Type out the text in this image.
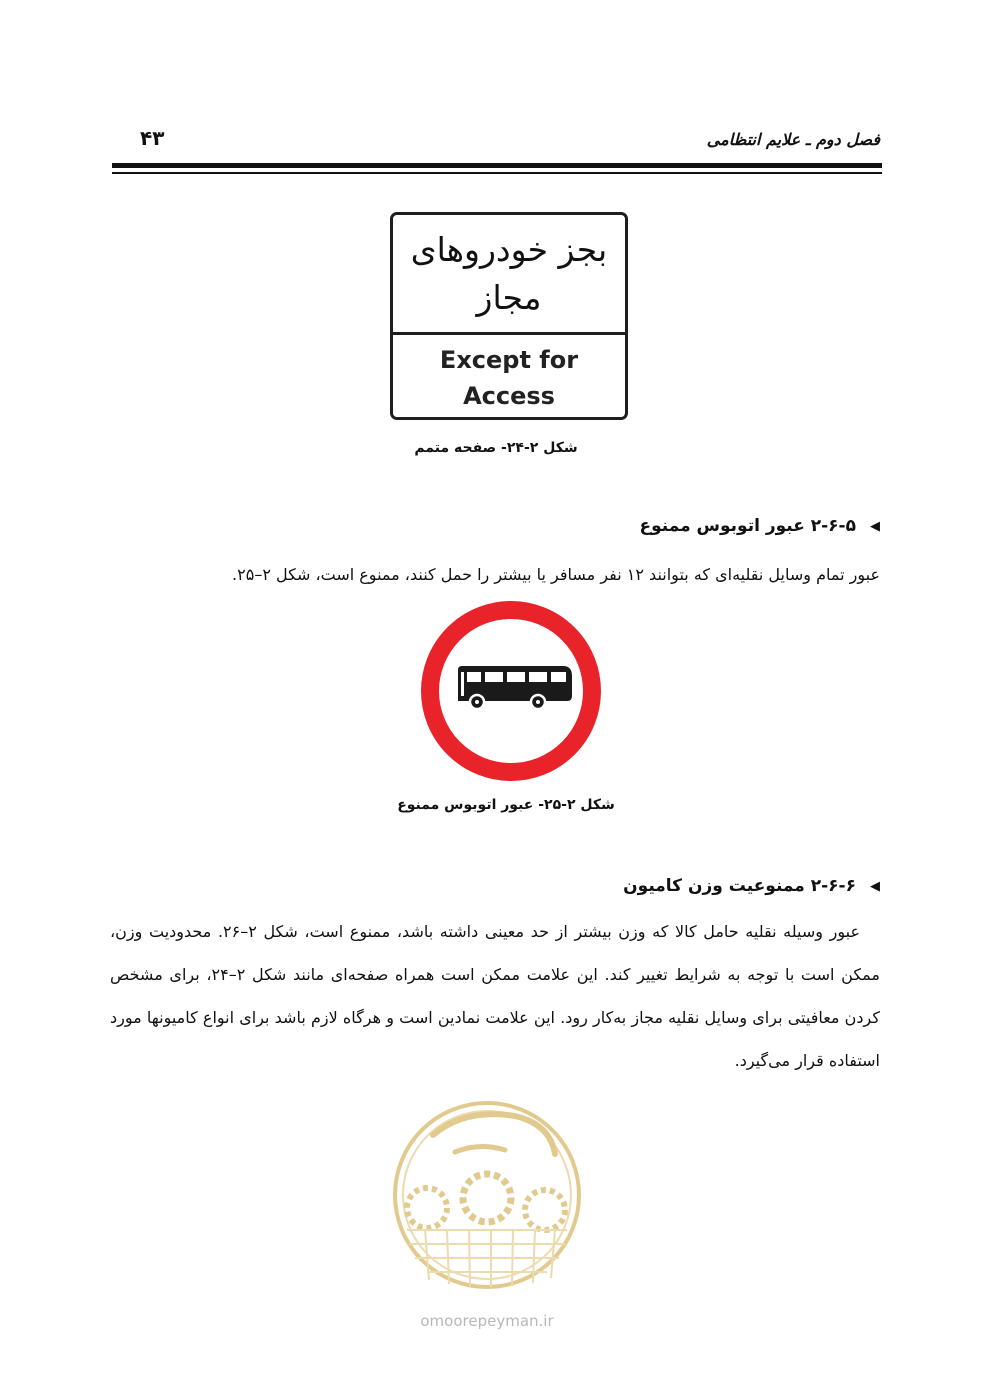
۴۳	فصل دوم ـ علایم انتظامی
بجز خودروهای مجاز
Except for
Access
شکل ۲-۲۴- صفحه متمم
◀
۲-۶-۵ عبور اتوبوس ممنوع
عبور تمام وسایل نقلیه‌ای که بتوانند ۱۲ نفر مسافر یا بیشتر را حمل کنند، ممنوع است، شکل ۲–۲۵.
شکل ۲-۲۵- عبور اتوبوس ممنوع
◀
۲-۶-۶ ممنوعیت وزن کامیون
عبور وسیله نقلیه حامل کالا که وزن بیشتر از حد معینی داشته باشد، ممنوع است، شکل ۲–۲۶. محدودیت وزن، ممکن است با توجه به شرایط تغییر کند. این علامت ممکن است همراه صفحه‌ای مانند شکل ۲–۲۴، برای مشخص کردن معافیتی برای وسایل نقلیه مجاز به‌کار رود. این علامت نمادین است و هرگاه لازم باشد برای انواع کامیونها مورد استفاده قرار می‌گیرد.
omoorepeyman.ir
